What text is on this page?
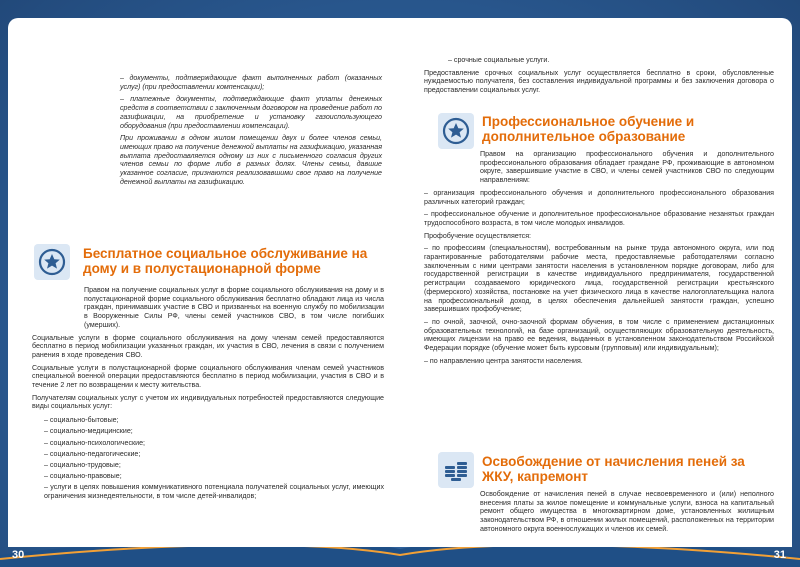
– документы, подтверждающие факт выполненных работ (оказанных услуг) (при предоставлении компенсации);

– платежные документы, подтверждающие факт уплаты денежных средств в соответствии с заключенным договором на проведение работ по газификации, на приобретение и установку газоиспользующего оборудования (при предоставлении компенсации).

При проживании в одном жилом помещении двух и более членов семьи, имеющих право на получение денежной выплаты на газификацию, указанная выплата предоставляется одному из них с письменного согласия других членов семьи по форме либо в разных долях. Члены семьи, давшие указанное согласие, признаются реализовавшими свое право на получение денежной выплаты на газификацию.

Бесплатное социальное обслуживание на дому и в полустационарной форме

Правом на получение социальных услуг в форме социального обслуживания на дому и в полустационарной форме социального обслуживания бесплатно обладают лица из числа граждан, принимавших участие в СВО и призванных на военную службу по мобилизации в Вооруженные Силы РФ, члены семей участников СВО, в том числе погибших (умерших).

Социальные услуги в форме социального обслуживания на дому членам семей предоставляются бесплатно в период мобилизации указанных граждан, их участия в СВО, лечения в связи с получением ранения в ходе проведения СВО.

Социальные услуги в полустационарной форме социального обслуживания членам семей участников специальной военной операции предоставляются бесплатно в период мобилизации, участия в СВО и в течение 2 лет по возвращении к месту жительства.

Получателям социальных услуг с учетом их индивидуальных потребностей предоставляются следующие виды социальных услуг:

– социально-бытовые;

– социально-медицинские;

– социально-психологические;

– социально-педагогические;

– социально-трудовые;

– социально-правовые;

– услуги в целях повышения коммуникативного потенциала получателей социальных услуг, имеющих ограничения жизнедеятельности, в том числе детей-инвалидов;

– срочные социальные услуги.

Предоставление срочных социальных услуг осуществляется бесплатно в сроки, обусловленные нуждаемостью получателя, без составления индивидуальной программы и без заключения договора о предоставлении социальных услуг.

Профессиональное обучение и дополнительное образование

Правом на организацию профессионального обучения и дополнительного профессионального образования обладает гражданe РФ, проживающие в автономном округе, завершившие участие в СВО, и члены семей участников СВО по следующим направлениям:

– организация профессионального обучения и дополнительного профессионального образования различных категорий граждан;

– профессиональное обучение и дополнительное профессиональное образование незанятых граждан трудоспособного возраста, в том числе молодых инвалидов.

Профобучение осуществляется:

– по профессиям (специальностям), востребованным на рынке труда автономного округа, или под гарантированные работодателями рабочие места, предоставляемые работодателями согласно заключенным с ними центрами занятости населения в установленном порядке договорам, либо для государственной регистрации в качестве индивидуального предпринимателя, государственной регистрации создаваемого юридического лица, государственной регистрации крестьянского (фермерского) хозяйства, постановке на учет физического лица в качестве налогоплательщика налога на профессиональный доход, в целях обеспечения дальнейшей занятости граждан, успешно завершивших профобучение;

– по очной, заочной, очно-заочной формам обучения, в том числе с применением дистанционных образовательных технологий, на базе организаций, осуществляющих образовательную деятельность, имеющих лицензии на право ее ведения, выданных в установленном законодательством Российской Федерации порядке (обучение может быть курсовым (групповым) или индивидуальным);

– по направлению центра занятости населения.

Освобождение от начисления пеней за ЖКУ, капремонт

Освобождение от начисления пеней в случае несвоевременного и (или) неполного внесения платы за жилое помещение и коммунальные услуги, взноса на капитальный ремонт общего имущества в многоквартирном доме, установленных жилищным законодательством РФ, в отношении жилых помещений, расположенных на территории автономного округа военнослужащих и членов их семей.

30	31
